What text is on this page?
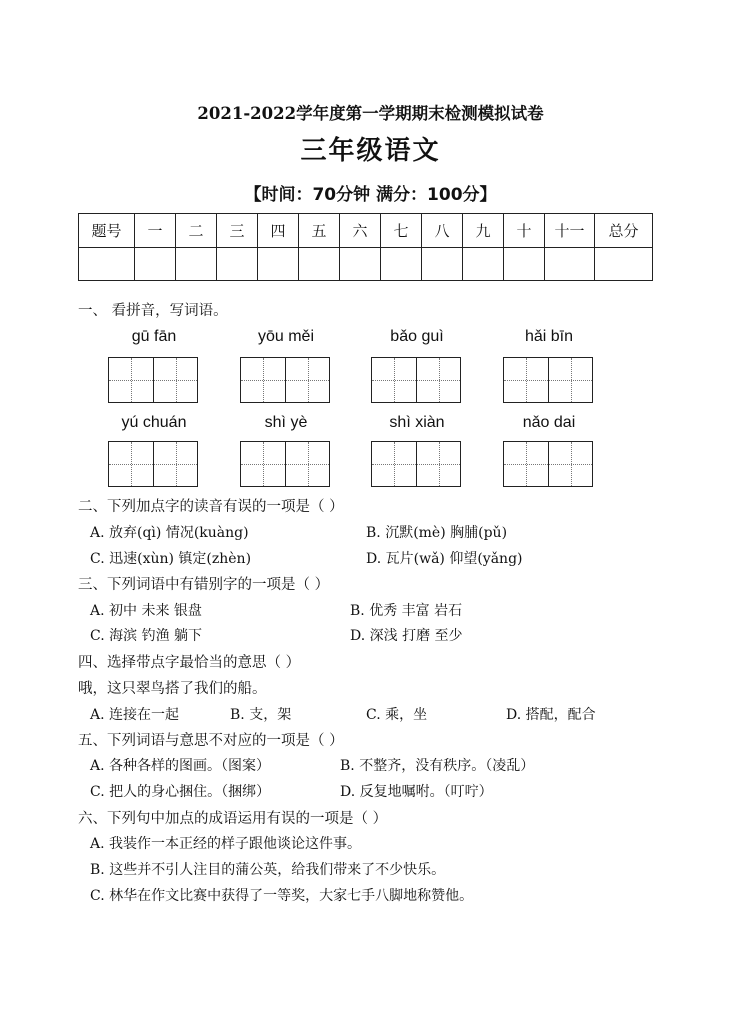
2021-2022学年度第一学期期末检测模拟试卷
三年级语文
【时间：70分钟 满分：100分】
题号	一	二	三	四	五	六	七	八	九	十	十一	总分

一、 看拼音，写词语。
gū fān	yōu měi	bǎo guì	hǎi bīn
yú chuán	shì yè	shì xiàn	nǎo dai
二、下列加点字的读音有误的一项是（ ）
A. 放弃(qì) 情况(kuàng)	B. 沉默(mè) 胸脯(pǔ)
C. 迅速(xùn) 镇定(zhèn)	D. 瓦片(wǎ) 仰望(yǎng)
三、下列词语中有错别字的一项是（ ）
A. 初中 未来 银盘	B. 优秀 丰富 岩石
C. 海滨 钓渔 躺下	D. 深浅 打磨 至少
四、选择带点字最恰当的意思（ ）
哦，这只翠鸟搭了我们的船。
A. 连接在一起	B. 支，架	C. 乘，坐	D. 搭配，配合
五、下列词语与意思不对应的一项是（ ）
A. 各种各样的图画。（图案）	B. 不整齐，没有秩序。（凌乱）
C. 把人的身心捆住。（捆绑）	D. 反复地嘱咐。（叮咛）
六、下列句中加点的成语运用有误的一项是（ ）
A. 我装作一本正经的样子跟他谈论这件事。
B. 这些并不引人注目的蒲公英，给我们带来了不少快乐。
C. 林华在作文比赛中获得了一等奖，大家七手八脚地称赞他。
